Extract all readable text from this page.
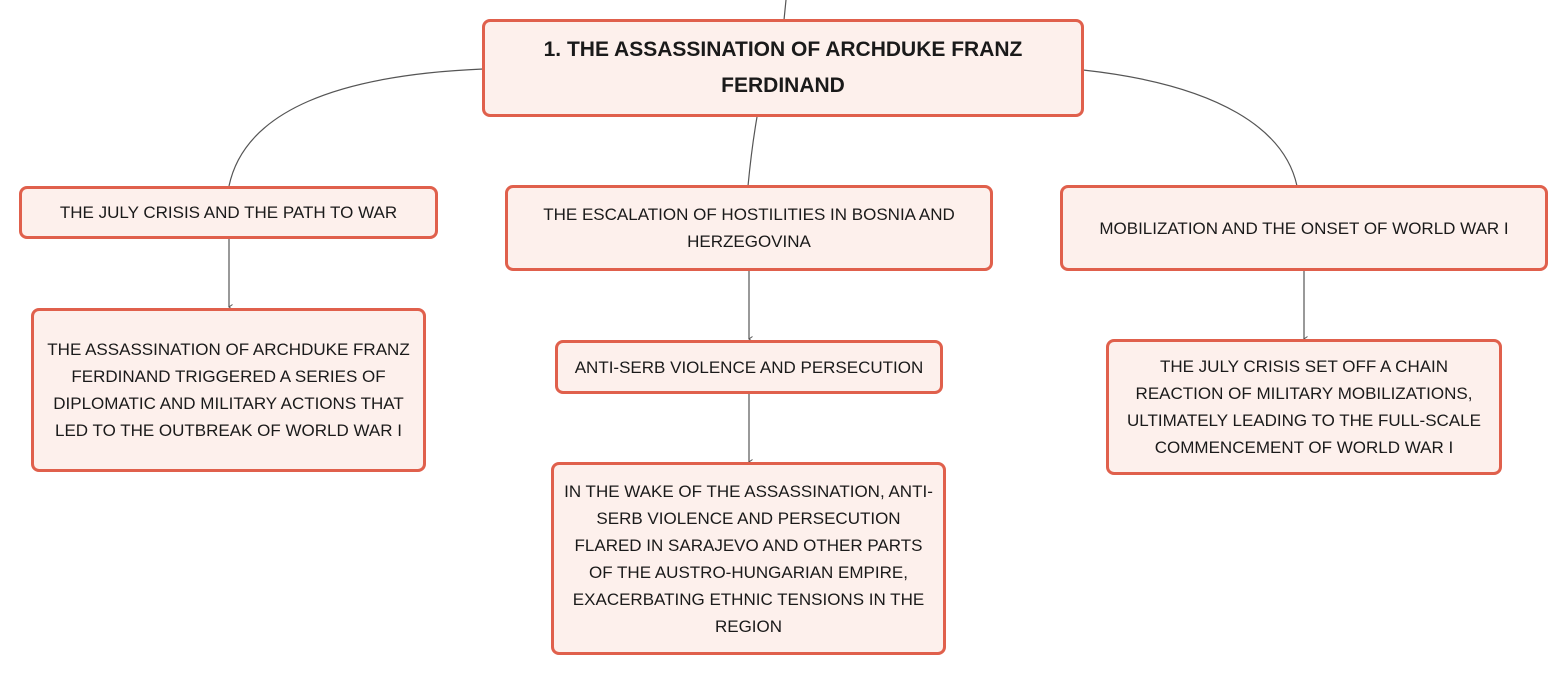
1. THE ASSASSINATION OF ARCHDUKE FRANZ FERDINAND
THE JULY CRISIS AND THE PATH TO WAR
THE ASSASSINATION OF ARCHDUKE FRANZ FERDINAND TRIGGERED A SERIES OF DIPLOMATIC AND MILITARY ACTIONS THAT LED TO THE OUTBREAK OF WORLD WAR I
THE ESCALATION OF HOSTILITIES IN BOSNIA AND HERZEGOVINA
ANTI-SERB VIOLENCE AND PERSECUTION
IN THE WAKE OF THE ASSASSINATION, ANTI-SERB VIOLENCE AND PERSECUTION FLARED IN SARAJEVO AND OTHER PARTS OF THE AUSTRO-HUNGARIAN EMPIRE, EXACERBATING ETHNIC TENSIONS IN THE REGION
MOBILIZATION AND THE ONSET OF WORLD WAR I
THE JULY CRISIS SET OFF A CHAIN REACTION OF MILITARY MOBILIZATIONS, ULTIMATELY LEADING TO THE FULL-SCALE COMMENCEMENT OF WORLD WAR I
